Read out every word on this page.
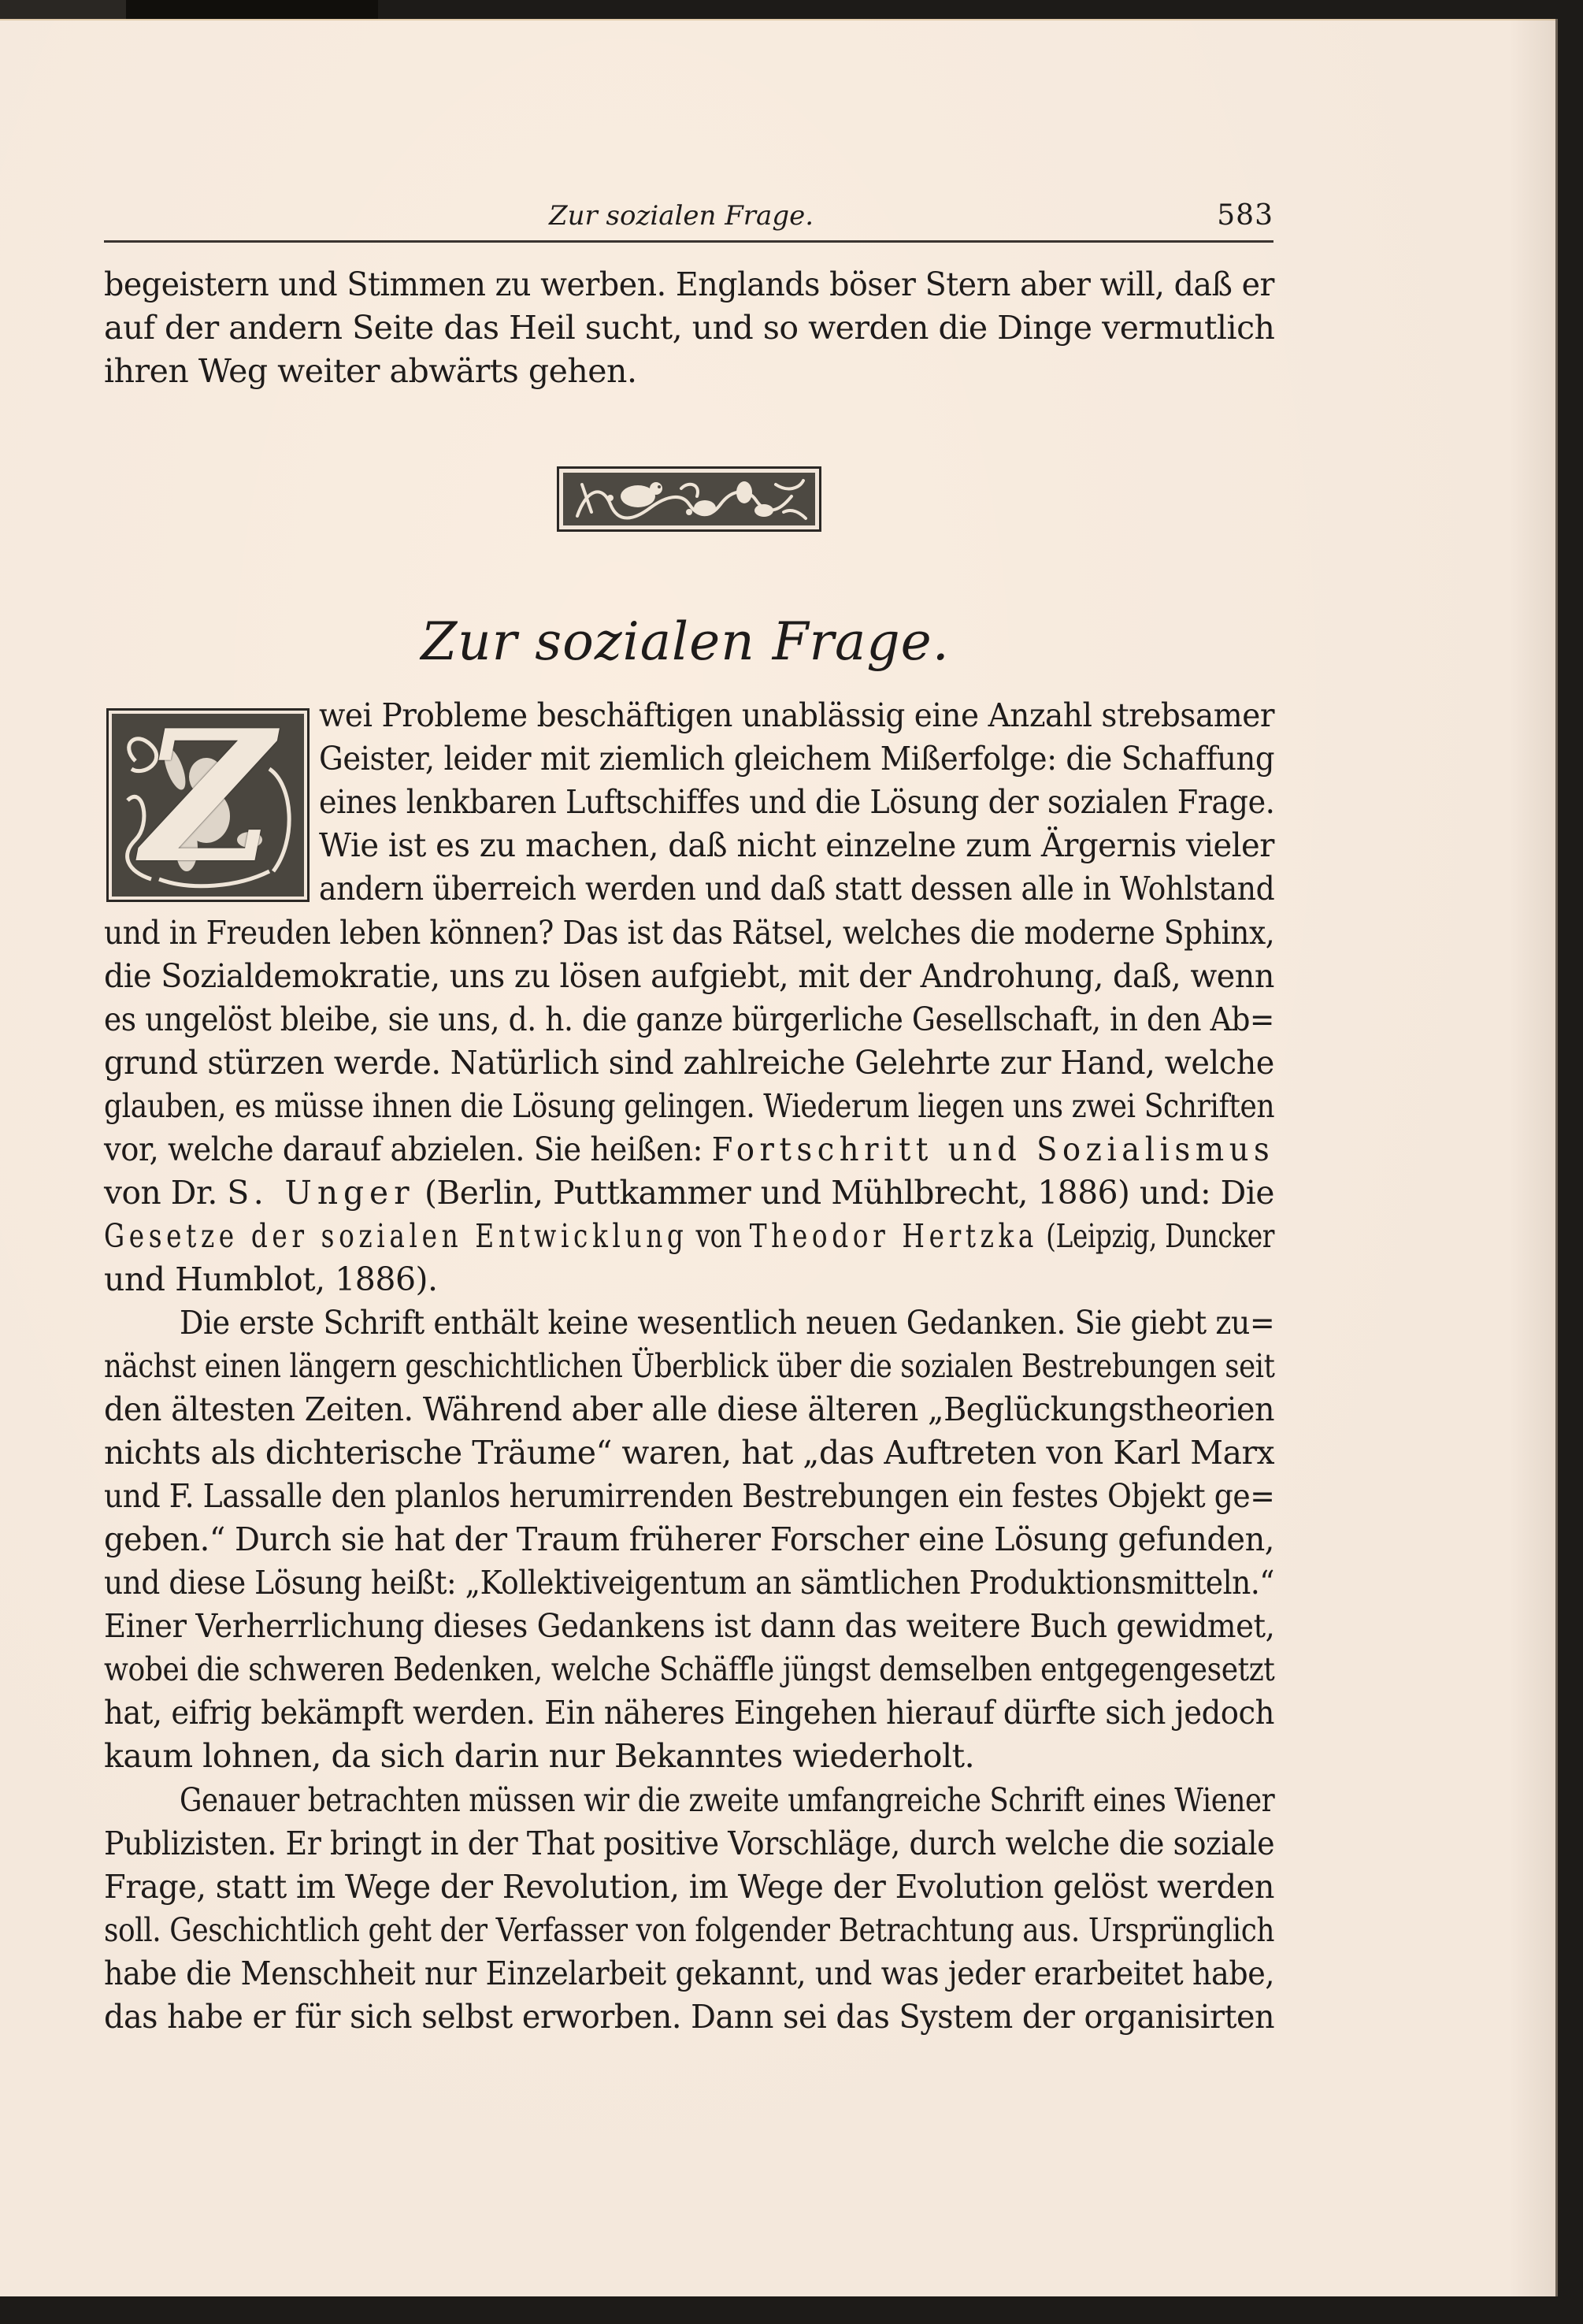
Zur sozialen Frage.	583
begeistern und Stimmen zu werben. Englands böser Stern aber will, daß er
auf der andern Seite das Heil sucht, und so werden die Dinge vermutlich
ihren Weg weiter abwärts gehen.
Zur sozialen Frage.
Z	wei Probleme beschäftigen unablässig eine Anzahl strebsamer
Geister, leider mit ziemlich gleichem Mißerfolge: die Schaffung
eines lenkbaren Luftschiffes und die Lösung der sozialen Frage.
Wie ist es zu machen, daß nicht einzelne zum Ärgernis vieler
andern überreich werden und daß statt dessen alle in Wohlstand
und in Freuden leben können? Das ist das Rätsel, welches die moderne Sphinx,
die Sozialdemokratie, uns zu lösen aufgiebt, mit der Androhung, daß, wenn
es ungelöst bleibe, sie uns, d. h. die ganze bürgerliche Gesellschaft, in den Ab=
grund stürzen werde. Natürlich sind zahlreiche Gelehrte zur Hand, welche
glauben, es müsse ihnen die Lösung gelingen. Wiederum liegen uns zwei Schriften
vor, welche darauf abzielen. Sie heißen: Fortschritt und Sozialismus
von Dr. S. Unger (Berlin, Puttkammer und Mühlbrecht, 1886) und: Die
Gesetze der sozialen Entwicklung von Theodor Hertzka (Leipzig, Duncker
und Humblot, 1886).
Die erste Schrift enthält keine wesentlich neuen Gedanken. Sie giebt zu=
nächst einen längern geschichtlichen Überblick über die sozialen Bestrebungen seit
den ältesten Zeiten. Während aber alle diese älteren „Beglückungstheorien
nichts als dichterische Träume“ waren, hat „das Auftreten von Karl Marx
und F. Lassalle den planlos herumirrenden Bestrebungen ein festes Objekt ge=
geben.“ Durch sie hat der Traum früherer Forscher eine Lösung gefunden,
und diese Lösung heißt: „Kollektiveigentum an sämtlichen Produktionsmitteln.“
Einer Verherrlichung dieses Gedankens ist dann das weitere Buch gewidmet,
wobei die schweren Bedenken, welche Schäffle jüngst demselben entgegengesetzt
hat, eifrig bekämpft werden. Ein näheres Eingehen hierauf dürfte sich jedoch
kaum lohnen, da sich darin nur Bekanntes wiederholt.
Genauer betrachten müssen wir die zweite umfangreiche Schrift eines Wiener
Publizisten. Er bringt in der That positive Vorschläge, durch welche die soziale
Frage, statt im Wege der Revolution, im Wege der Evolution gelöst werden
soll. Geschichtlich geht der Verfasser von folgender Betrachtung aus. Ursprünglich
habe die Menschheit nur Einzelarbeit gekannt, und was jeder erarbeitet habe,
das habe er für sich selbst erworben. Dann sei das System der organisirten
